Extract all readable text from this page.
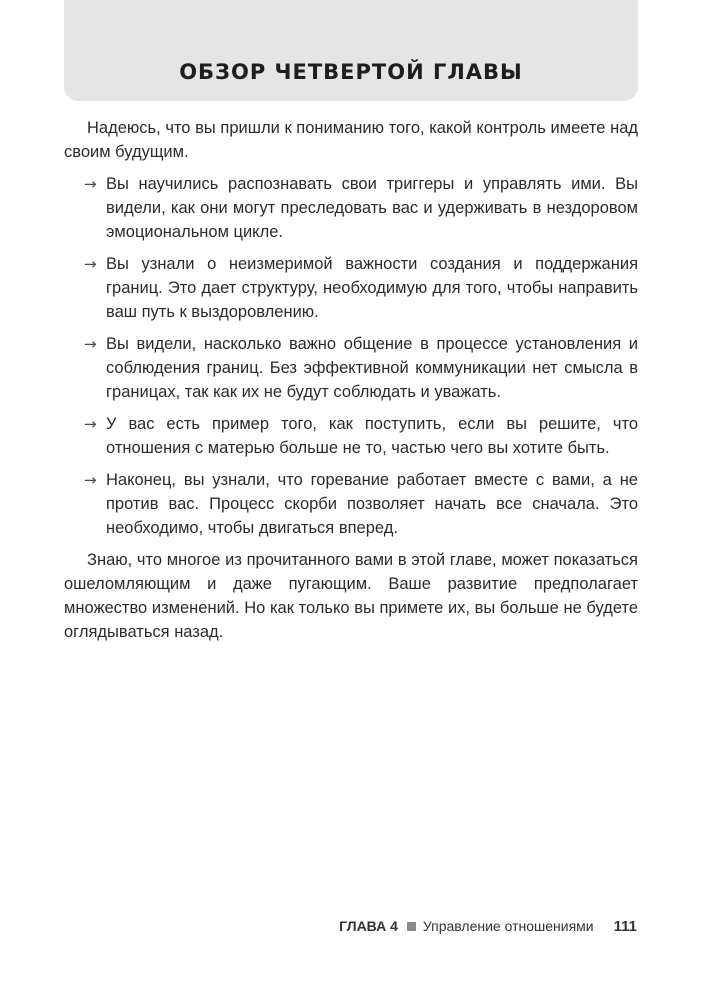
ОБЗОР ЧЕТВЕРТОЙ ГЛАВЫ

Надеюсь, что вы пришли к пониманию того, какой контроль имеете над своим будущим.

→ Вы научились распознавать свои триггеры и управлять ими. Вы видели, как они могут преследовать вас и удерживать в нездоровом эмоциональном цикле.
→ Вы узнали о неизмеримой важности создания и поддержания границ. Это дает структуру, необходимую для того, чтобы направить ваш путь к выздоровлению.
→ Вы видели, насколько важно общение в процессе установления и соблюдения границ. Без эффективной коммуникации нет смысла в границах, так как их не будут соблюдать и уважать.
→ У вас есть пример того, как поступить, если вы решите, что отношения с матерью больше не то, частью чего вы хотите быть.
→ Наконец, вы узнали, что горевание работает вместе с вами, а не против вас. Процесс скорби позволяет начать все сначала. Это необходимо, чтобы двигаться вперед.

Знаю, что многое из прочитанного вами в этой главе, может показаться ошеломляющим и даже пугающим. Ваше развитие предполагает множество изменений. Но как только вы примете их, вы больше не будете оглядываться назад.

ГЛАВА 4 Управление отношениями 111
